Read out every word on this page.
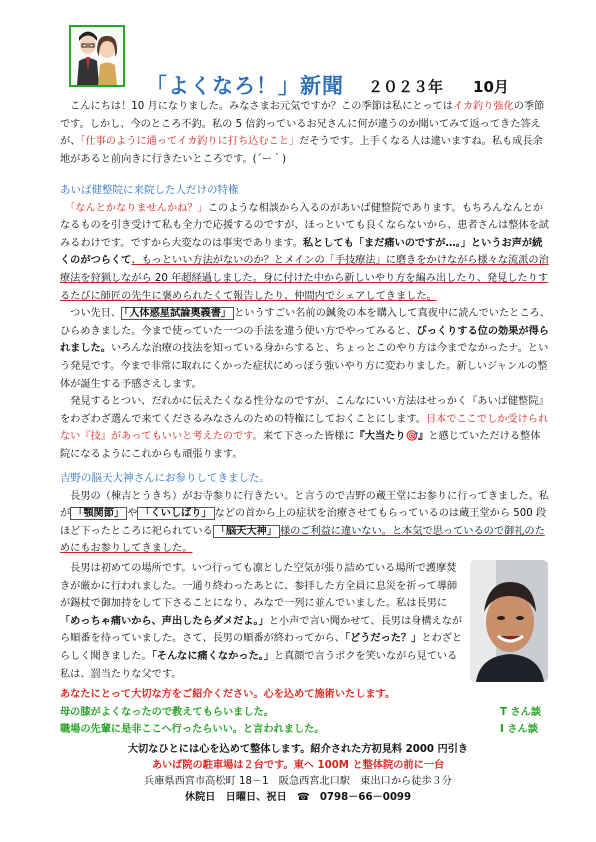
「よくなろ！」新聞 ２０２３年　　10月

　こんにちは！10 月になりました。みなさまお元気ですか？この季節は私にとってはイカ釣り強化の季節です。しかし、今のところ不釣。私の 5 倍釣っているお兄さんに何が違うのか聞いてみて返ってきた答えが、「仕事のように通ってイカ釣りに打ち込むこと」だそうです。上手くなる人は違いますね。私も成長余地があると前向きに行きたいところです。(´ー｀)

あいば健整院に来院した人だけの特権

　「なんとかなりませんかね？」このような相談から入るのがあいば健整院であります。もちろんなんとかなるものを引き受けて私も全力で応援するのですが、ほっといても良くならないから、患者さんは整体を試みるわけです。ですから大変なのは事実であります。私としても「まだ痛いのですが…。」というお声が続くのがつらくて、もっといい方法がないのか？とメインの「手技療法」に磨きをかけながら様々な流派の治療法を狩猟しながら 20 年超経過しました。身に付けた中から新しいやり方を編み出したり、発見したりするたびに師匠の先生に褒められたくて報告したり、仲間内でシェアしてきました。

　つい先日、 「人体惑星試論奥義書」 というすごい名前の鍼灸の本を購入して真夜中に読んでいたところ、ひらめきました。今まで使っていた一つの手法を違う使い方でやってみると、びっくりする位の効果が得られました。いろんな治療の技法を知っている身からすると、ちょっとこのやり方は今までなかったナ。という発見です。今まで非常に取れにくかった症状にめっぽう強いやり方に変わりました。新しいジャンルの整体が誕生する予感さえします。

　発見するとつい、だれかに伝えたくなる性分なのですが、こんなにいい方法はせっかく『あいば健整院』をわざわざ選んで来てくださるみなさんのための特権にしておくことにします。日本でここでしか受けられない『技』があってもいいと考えたのです。来て下さった皆様に『大当たり🎯』と感じていただける整体院になるようにこれからも頑張ります。

吉野の脳天大神さんにお参りしてきました。

　長男の（棟吉とうきち）がお寺参りに行きたい。と言うので吉野の蔵王堂にお参りに行ってきました。私が 「顎関節」 や 「くいしばり」 などの首から上の症状を治療させてもらっているのは蔵王堂から 500 段ほど下ったところに祀られている 「脳天大神」 様のご利益に違いない。と本気で思っているので御礼のためにもお参りしてきました。

　長男は初めての場所です。いつ行っても凛とした空気が張り詰めている場所で護摩焚きが厳かに行われました。一通り終わったあとに、参拝した方全員に息災を祈って導師が錫杖で御加持をして下さることになり、みなで一列に並んでいました。私は長男に「めっちゃ痛いから、声出したらダメだよ。」と小声で言い聞かせて、長男は身構えながら順番を待っていました。さて、長男の順番が終わってから、「どうだった？」とわざとらしく聞きました。「そんなに痛くなかった。」と真顔で言うボクを笑いながら見ている私は、罰当たりな父です。

あなたにとって大切な方をご紹介ください。心を込めて施術いたします。
母の膝がよくなったので教えてもらいました。	T さん談
職場の先輩に是非ここへ行ったらいい。と言われました。	I さん談
大切なひとには心を込めて整体します。紹介された方初見料 2000 円引き
あいば院の駐車場は２台です。東へ 100M と整体院の前に一台
兵庫県西宮市高松町 18－1　阪急西宮北口駅　東出口から徒歩３分
休院日　日曜日、祝日　☎　0798－66－0099
